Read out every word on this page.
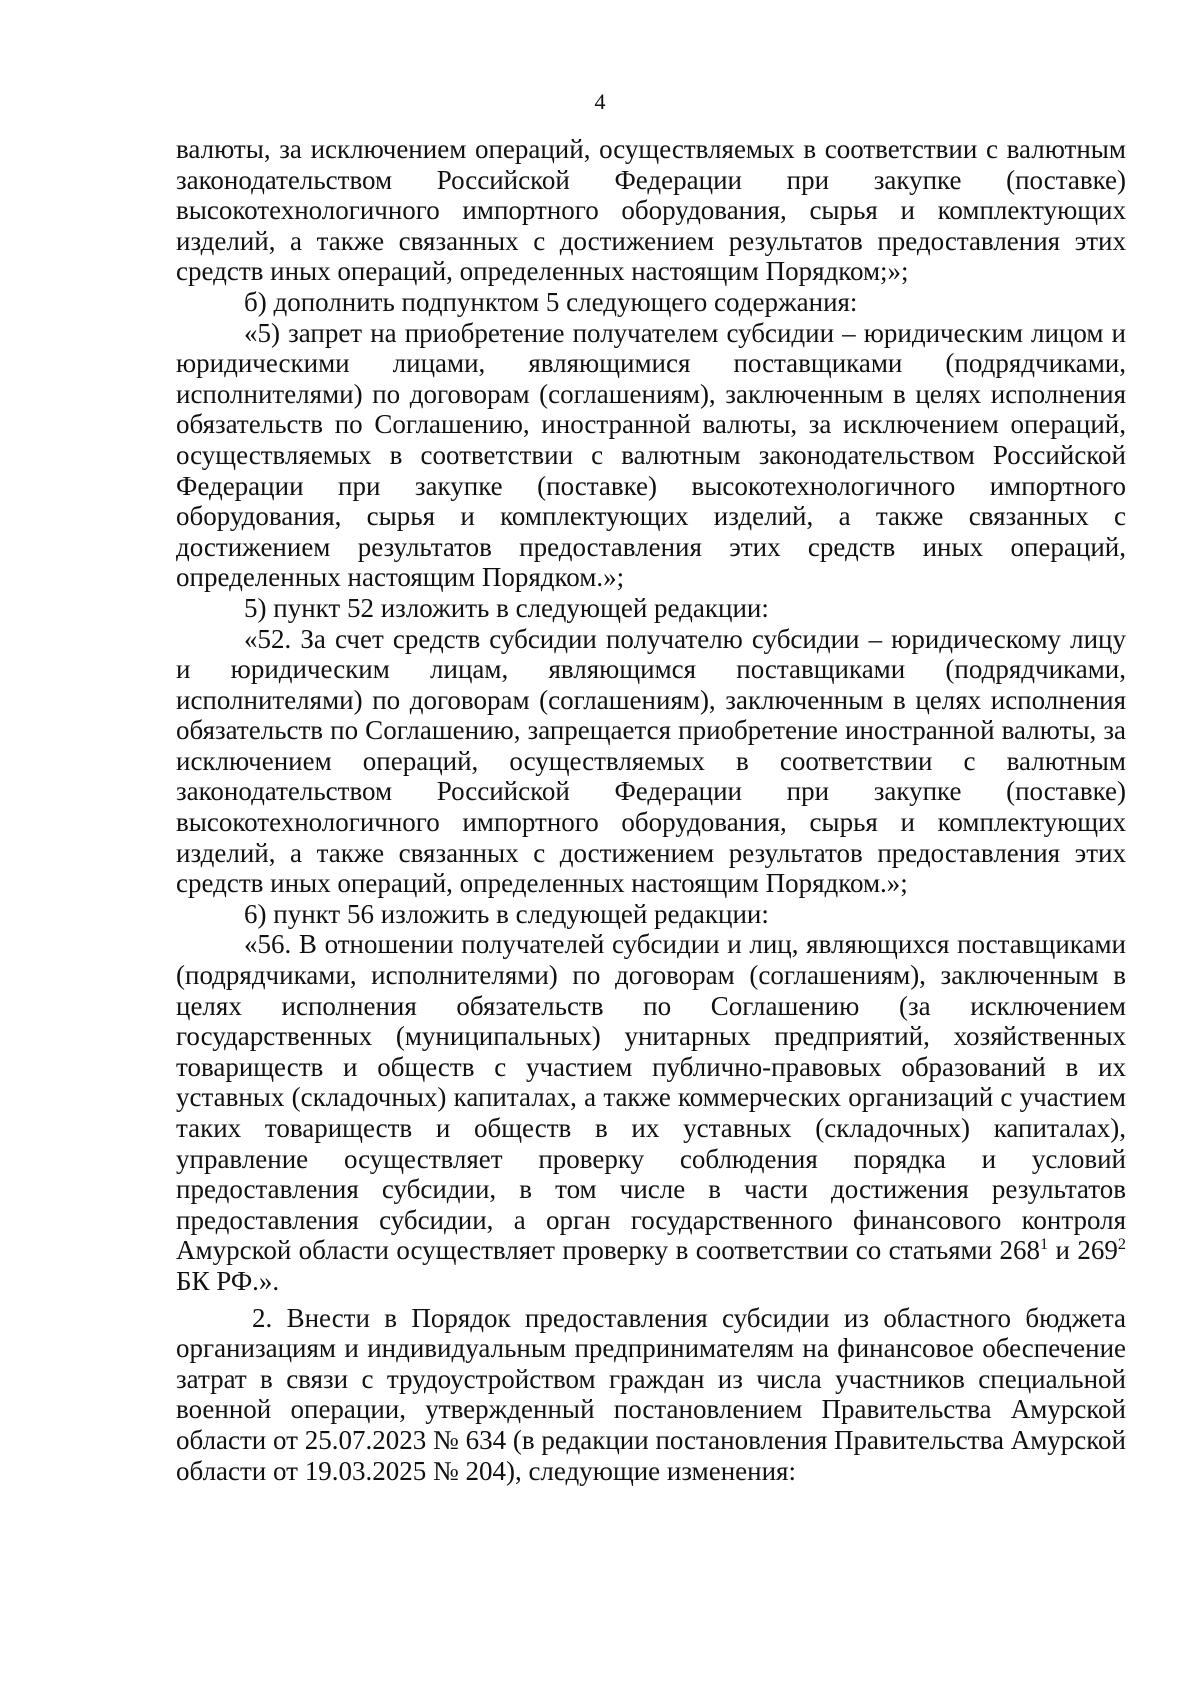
4

валюты, за исключением операций, осуществляемых в соответствии с валютным законодательством Российской Федерации при закупке (поставке) высокотехнологичного импортного оборудования, сырья и комплектующих изделий, а также связанных с достижением результатов предоставления этих средств иных операций, определенных настоящим Порядком;»;

б) дополнить подпунктом 5 следующего содержания:

«5) запрет на приобретение получателем субсидии – юридическим лицом и юридическими лицами, являющимися поставщиками (подрядчиками, исполнителями) по договорам (соглашениям), заключенным в целях исполнения обязательств по Соглашению, иностранной валюты, за исключением операций, осуществляемых в соответствии с валютным законодательством Российской Федерации при закупке (поставке) высокотехнологичного импортного оборудования, сырья и комплектующих изделий, а также связанных с достижением результатов предоставления этих средств иных операций, определенных настоящим Порядком.»;

5) пункт 52 изложить в следующей редакции:

«52. За счет средств субсидии получателю субсидии – юридическому лицу и юридическим лицам, являющимся поставщиками (подрядчиками, исполнителями) по договорам (соглашениям), заключенным в целях исполнения обязательств по Соглашению, запрещается приобретение иностранной валюты, за исключением операций, осуществляемых в соответствии с валютным законодательством Российской Федерации при закупке (поставке) высокотехнологичного импортного оборудования, сырья и комплектующих изделий, а также связанных с достижением результатов предоставления этих средств иных операций, определенных настоящим Порядком.»;

6) пункт 56 изложить в следующей редакции:

«56. В отношении получателей субсидии и лиц, являющихся поставщиками (подрядчиками, исполнителями) по договорам (соглашениям), заключенным в целях исполнения обязательств по Соглашению (за исключением государственных (муниципальных) унитарных предприятий, хозяйственных товариществ и обществ с участием публично-правовых образований в их уставных (складочных) капиталах, а также коммерческих организаций с участием таких товариществ и обществ в их уставных (складочных) капиталах), управление осуществляет проверку соблюдения порядка и условий предоставления субсидии, в том числе в части достижения результатов предоставления субсидии, а орган государственного финансового контроля Амурской области осуществляет проверку в соответствии со статьями $268^1$ и $269^2$ БК РФ.».

2. Внести в Порядок предоставления субсидии из областного бюджета организациям и индивидуальным предпринимателям на финансовое обеспечение затрат в связи с трудоустройством граждан из числа участников специальной военной операции, утвержденный постановлением Правительства Амурской области от 25.07.2023 № 634 (в редакции постановления Правительства Амурской области от 19.03.2025 № 204), следующие изменения:
